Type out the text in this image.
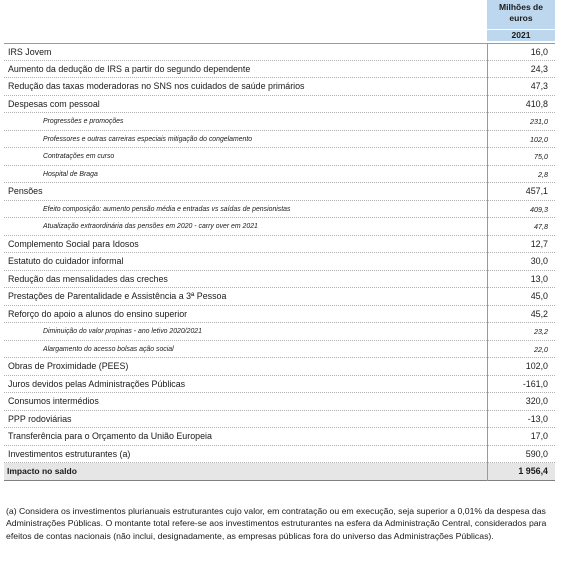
Milhões de euros
2021
IRS Jovem	16,0
Aumento da dedução de IRS a partir do segundo dependente	24,3
Redução das taxas moderadoras no SNS nos cuidados de saúde primários	47,3
Despesas com pessoal	410,8
Progressões e promoções	231,0
Professores e outras carreiras especiais mitigação do congelamento	102,0
Contratações em curso	75,0
Hospital de Braga	2,8
Pensões	457,1
Efeito composição: aumento pensão média e entradas vs saídas de pensionistas	409,3
Atualização extraordinária das pensões em 2020 - carry over em 2021	47,8
Complemento Social para Idosos	12,7
Estatuto do cuidador informal	30,0
Redução das mensalidades das creches	13,0
Prestações de Parentalidade e Assistência a 3ª Pessoa	45,0
Reforço do apoio a alunos do ensino superior	45,2
Diminuição do valor propinas - ano letivo 2020/2021	23,2
Alargamento do acesso bolsas ação social	22,0
Obras de Proximidade (PEES)	102,0
Juros devidos pelas Administrações Públicas	-161,0
Consumos intermédios	320,0
PPP rodoviárias	-13,0
Transferência para o Orçamento da União Europeia	17,0
Investimentos estruturantes (a)	590,0
Impacto no saldo	1 956,4
(a) Considera os investimentos plurianuais estruturantes cujo valor, em contratação ou em execução, seja superior a 0,01% da despesa das Administrações Públicas. O montante total refere-se aos investimentos estruturantes na esfera da Administração Central, considerados para efeitos de contas nacionais (não inclui, designadamente, as empresas públicas fora do universo das Administrações Públicas).
